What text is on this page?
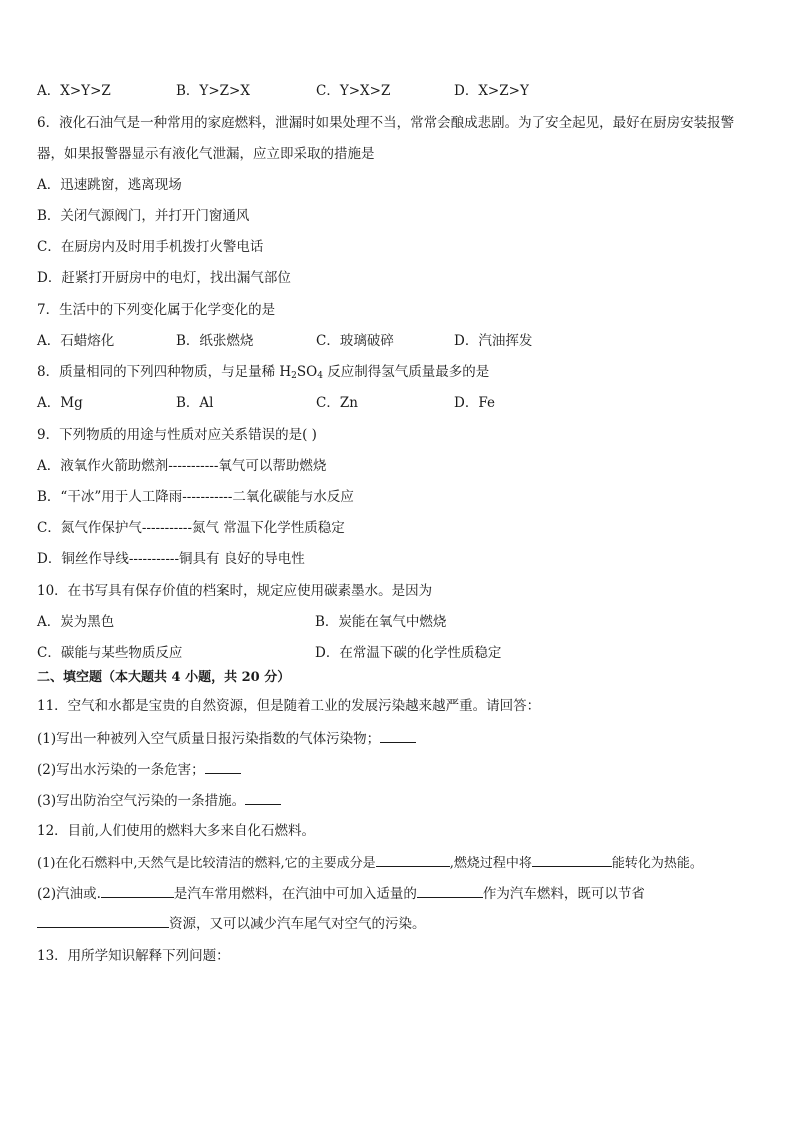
A．X>Y>Z	B．Y>Z>X	C．Y>X>Z	D．X>Z>Y
6．液化石油气是一种常用的家庭燃料，泄漏时如果处理不当，常常会酿成悲剧。为了安全起见，最好在厨房安装报警
器，如果报警器显示有液化气泄漏，应立即采取的措施是
A．迅速跳窗，逃离现场
B．关闭气源阀门，并打开门窗通风
C．在厨房内及时用手机拨打火警电话
D．赶紧打开厨房中的电灯，找出漏气部位
7．生活中的下列变化属于化学变化的是
A．石蜡熔化	B．纸张燃烧	C．玻璃破碎	D．汽油挥发
8．质量相同的下列四种物质，与足量稀 $H_2SO_4$ 反应制得氢气质量最多的是
A．Mg	B．Al	C．Zn	D．Fe
9．下列物质的用途与性质对应关系错误的是( )
A．液氧作火箭助燃剂-----------氧气可以帮助燃烧
B．“干冰”用于人工降雨-----------二氧化碳能与水反应
C．氮气作保护气-----------氮气 常温下化学性质稳定
D．铜丝作导线-----------铜具有 良好的导电性
10．在书写具有保存价值的档案时，规定应使用碳素墨水。是因为
A．炭为黑色	B．炭能在氧气中燃烧
C．碳能与某些物质反应	D．在常温下碳的化学性质稳定
二、填空题（本大题共 4 小题，共 20 分）
11．空气和水都是宝贵的自然资源，但是随着工业的发展污染越来越严重。请回答：
(1)写出一种被列入空气质量日报污染指数的气体污染物；
(2)写出水污染的一条危害；
(3)写出防治空气污染的一条措施。
12．目前,人们使用的燃料大多来自化石燃料。
(1)在化石燃料中,天然气是比较清洁的燃料,它的主要成分是	,燃烧过程中将	能转化为热能。
(2)汽油或.	是汽车常用燃料，在汽油中可加入适量的	作为汽车燃料，既可以节省
资源，又可以减少汽车尾气对空气的污染。
13．用所学知识解释下列问题：
